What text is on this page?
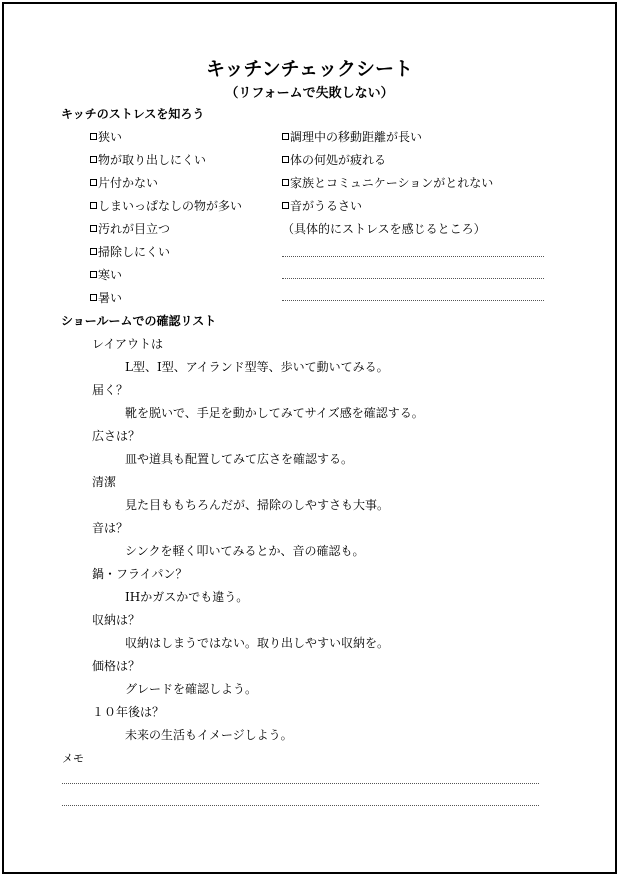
キッチンチェックシート
（リフォームで失敗しない）
キッチのストレスを知ろう
狭い
物が取り出しにくい
片付かない
しまいっぱなしの物が多い
汚れが目立つ
掃除しにくい
寒い
暑い
調理中の移動距離が長い
体の何処が疲れる
家族とコミュニケーションがとれない
音がうるさい
（具体的にストレスを感じるところ）
ショールームでの確認リスト
レイアウトは
L型、I型、アイランド型等、歩いて動いてみる。
届く？
靴を脱いで、手足を動かしてみてサイズ感を確認する。
広さは？
皿や道具も配置してみて広さを確認する。
清潔
見た目ももちろんだが、掃除のしやすさも大事。
音は？
シンクを軽く叩いてみるとか、音の確認も。
鍋・フライパン？
IHかガスかでも違う。
収納は？
収納はしまうではない。取り出しやすい収納を。
価格は？
グレードを確認しよう。
１０年後は？
未来の生活もイメージしよう。
メモ
